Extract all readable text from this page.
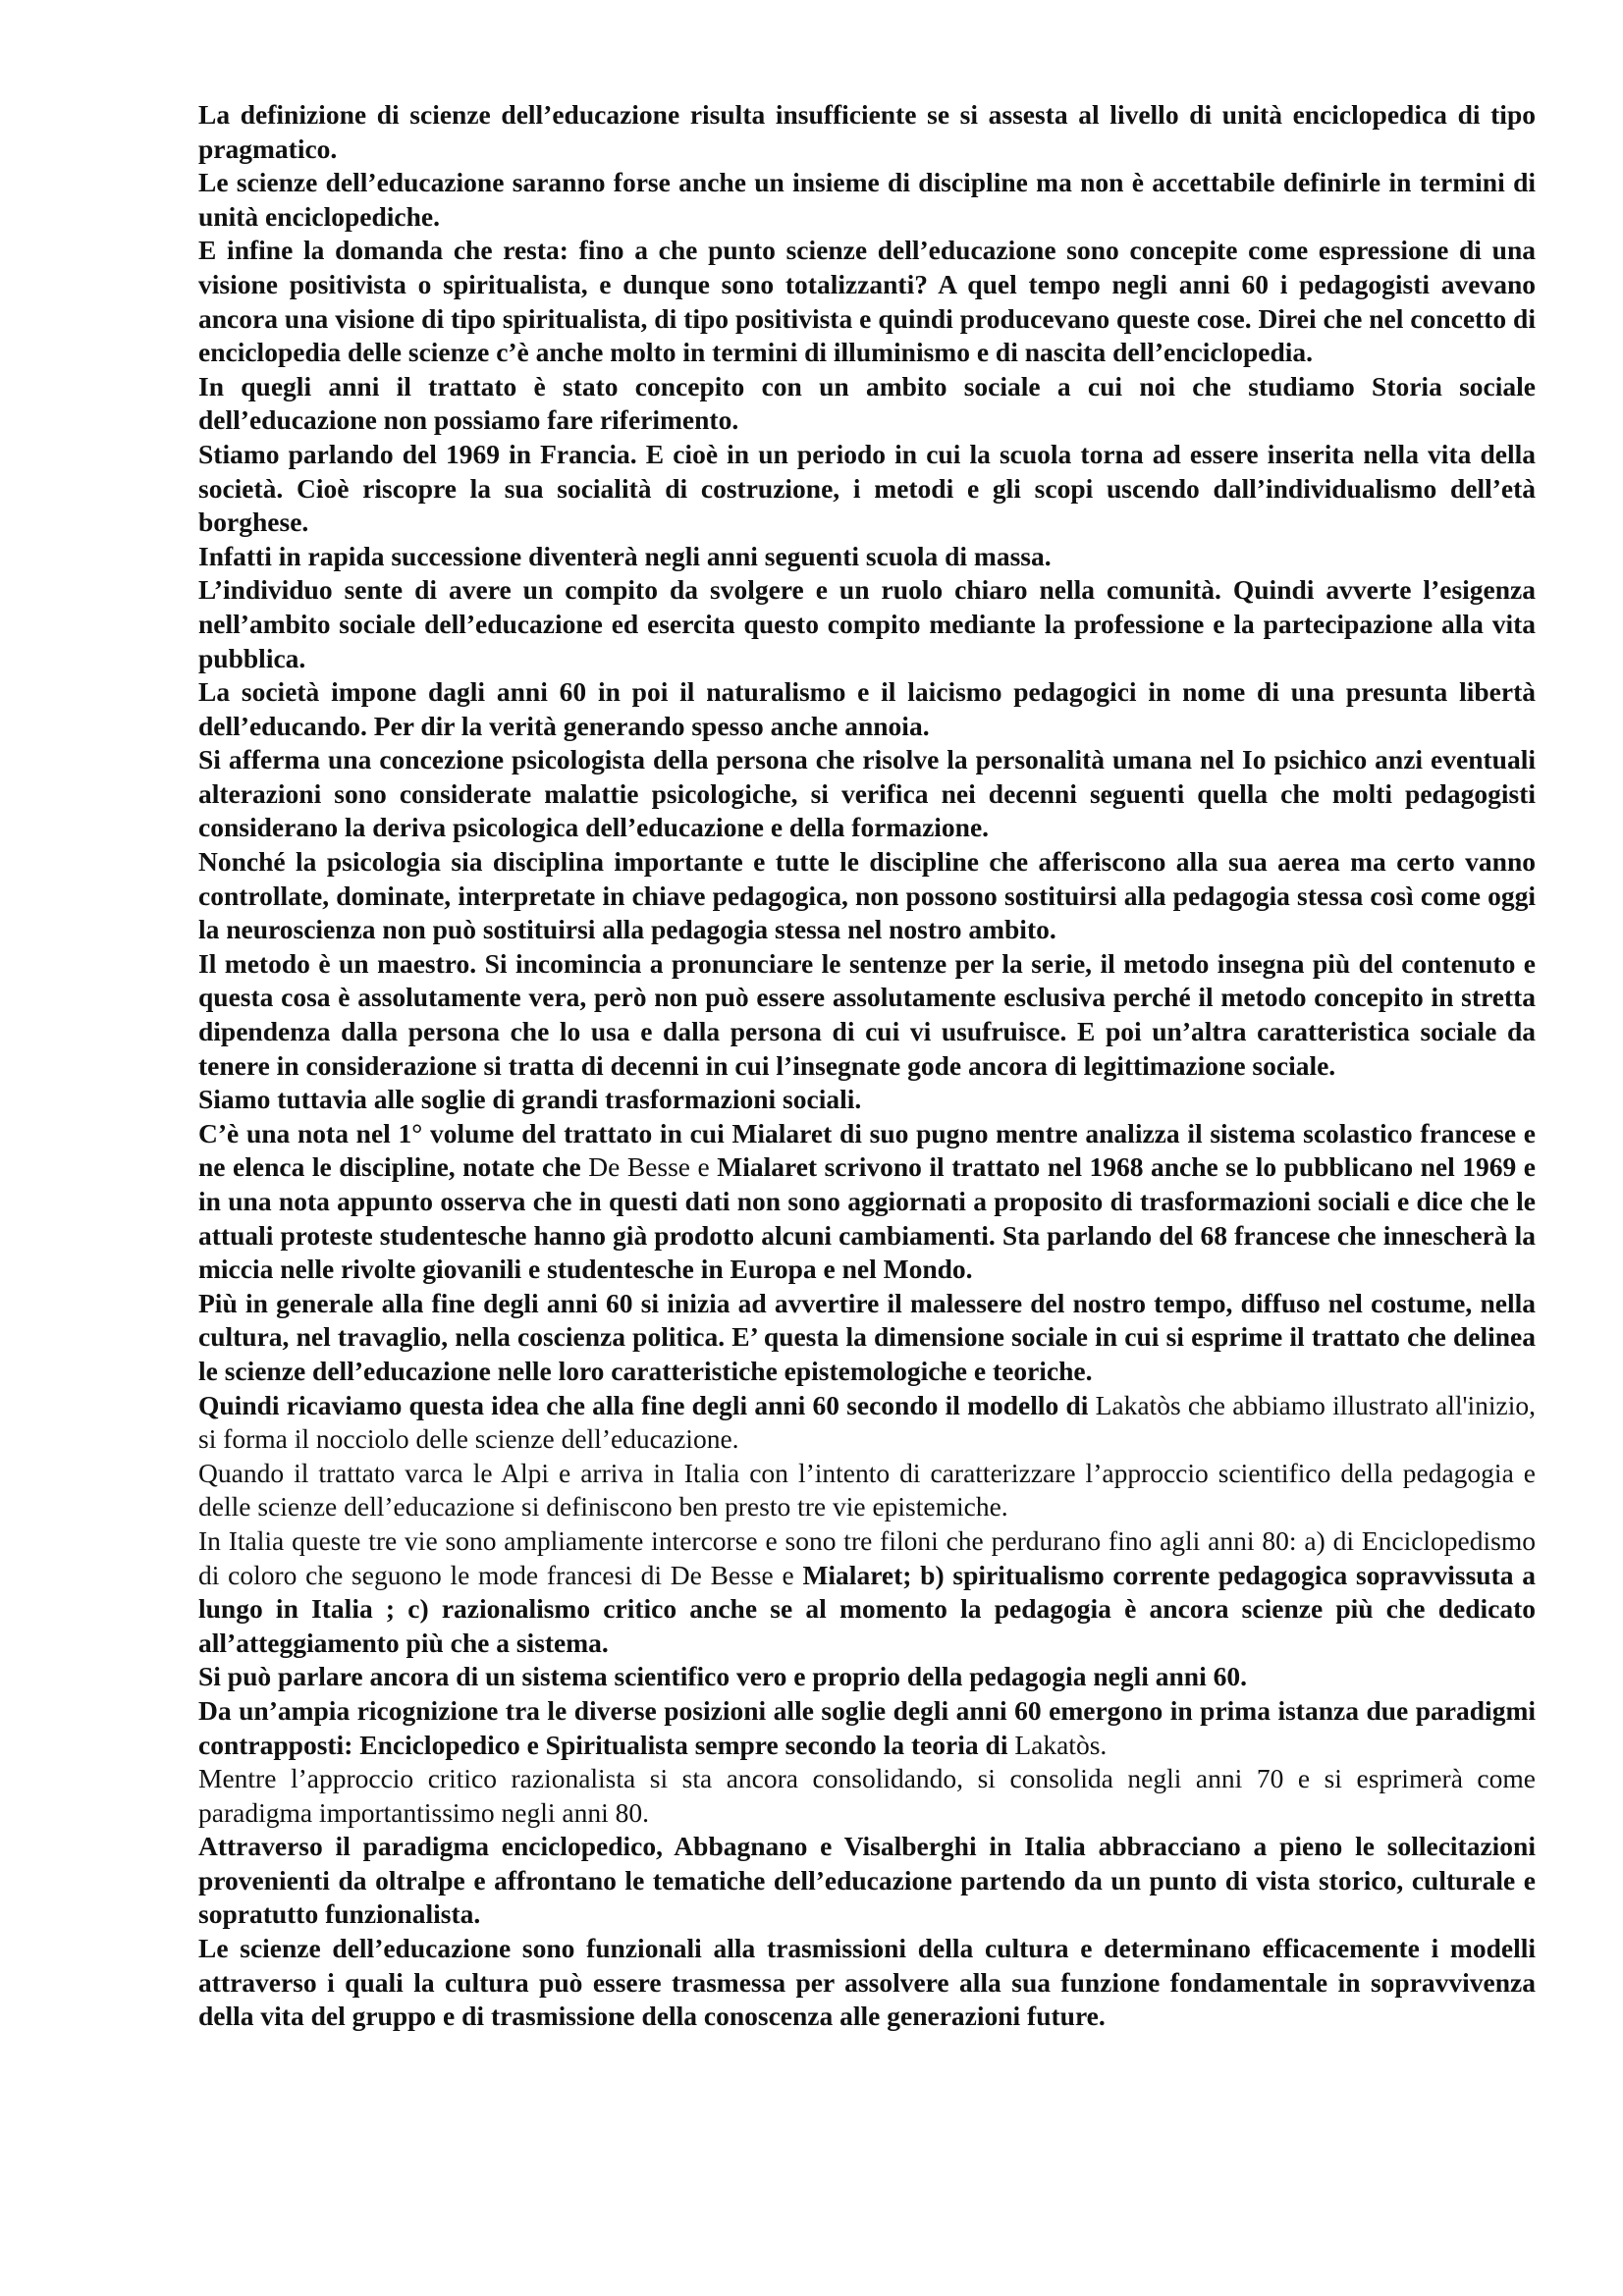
La definizione di scienze dell’educazione risulta insufficiente se si assesta al livello di unità enciclopedica di tipo pragmatico.

Le scienze dell’educazione saranno forse anche un insieme di discipline ma non è accettabile definirle in termini di unità enciclopediche.

E infine la domanda che resta: fino a che punto scienze dell’educazione sono concepite come espressione di una visione positivista o spiritualista, e dunque sono totalizzanti? A quel tempo negli anni 60 i pedagogisti avevano ancora una visione di tipo spiritualista, di tipo positivista e quindi producevano queste cose. Direi che nel concetto di enciclopedia delle scienze c’è anche molto in termini di illuminismo e di nascita dell’enciclopedia.

In quegli anni il trattato è stato concepito con un ambito sociale a cui noi che studiamo Storia sociale dell’educazione non possiamo fare riferimento.

Stiamo parlando del 1969 in Francia. E cioè in un periodo in cui la scuola torna ad essere inserita nella vita della società. Cioè riscopre la sua socialità di costruzione, i metodi e gli scopi uscendo dall’individualismo dell’età borghese.

Infatti in rapida successione diventerà negli anni seguenti scuola di massa.

L’individuo sente di avere un compito da svolgere e un ruolo chiaro nella comunità. Quindi avverte l’esigenza nell’ambito sociale dell’educazione ed esercita questo compito mediante la professione e la partecipazione alla vita pubblica.

La società impone dagli anni 60 in poi il naturalismo e il laicismo pedagogici in nome di una presunta libertà dell’educando. Per dir la verità generando spesso anche annoia.

Si afferma una concezione psicologista della persona che risolve la personalità umana nel Io psichico anzi eventuali alterazioni sono considerate malattie psicologiche, si verifica nei decenni seguenti quella che molti pedagogisti considerano la deriva psicologica dell’educazione e della formazione.

Nonché la psicologia sia disciplina importante e tutte le discipline che afferiscono alla sua aerea ma certo vanno controllate, dominate, interpretate in chiave pedagogica, non possono sostituirsi alla pedagogia stessa così come oggi la neuroscienza non può sostituirsi alla pedagogia stessa nel nostro ambito.

Il metodo è un maestro. Si incomincia a pronunciare le sentenze per la serie, il metodo insegna più del contenuto e questa cosa è assolutamente vera, però non può essere assolutamente esclusiva perché il metodo concepito in stretta dipendenza dalla persona che lo usa e dalla persona di cui vi usufruisce. E poi un’altra caratteristica sociale da tenere in considerazione si tratta di decenni in cui l’insegnate gode ancora di legittimazione sociale.

Siamo tuttavia alle soglie di grandi trasformazioni sociali.

C’è una nota nel 1° volume del trattato in cui Mialaret di suo pugno mentre analizza il sistema scolastico francese e ne elenca le discipline, notate che De Besse e Mialaret scrivono il trattato nel 1968 anche se lo pubblicano nel 1969 e in una nota appunto osserva che in questi dati non sono aggiornati a proposito di trasformazioni sociali e dice che le attuali proteste studentesche hanno già prodotto alcuni cambiamenti. Sta parlando del 68 francese che innescherà la miccia nelle rivolte giovanili e studentesche in Europa e nel Mondo.

Più in generale alla fine degli anni 60 si inizia ad avvertire il malessere del nostro tempo, diffuso nel costume, nella cultura, nel travaglio, nella coscienza politica. E’ questa la dimensione sociale in cui si esprime il trattato che delinea le scienze dell’educazione nelle loro caratteristiche epistemologiche e teoriche.

Quindi ricaviamo questa idea che alla fine degli anni 60 secondo il modello di Lakatòs che abbiamo illustrato all'inizio, si forma il nocciolo delle scienze dell’educazione.

Quando il trattato varca le Alpi e arriva in Italia con l’intento di caratterizzare l’approccio scientifico della pedagogia e delle scienze dell’educazione si definiscono ben presto tre vie epistemiche.

In Italia queste tre vie sono ampliamente intercorse e sono tre filoni che perdurano fino agli anni 80: a) di Enciclopedismo di coloro che seguono le mode francesi di De Besse e Mialaret; b) spiritualismo corrente pedagogica sopravvissuta a lungo in Italia ; c) razionalismo critico anche se al momento la pedagogia è ancora scienze più che dedicato all’atteggiamento più che a sistema.

Si può parlare ancora di un sistema scientifico vero e proprio della pedagogia negli anni 60.

Da un’ampia ricognizione tra le diverse posizioni alle soglie degli anni 60 emergono in prima istanza due paradigmi contrapposti: Enciclopedico e Spiritualista sempre secondo la teoria di Lakatòs.

Mentre l’approccio critico razionalista si sta ancora consolidando, si consolida negli anni 70 e si esprimerà come paradigma importantissimo negli anni 80.

Attraverso il paradigma enciclopedico, Abbagnano e Visalberghi in Italia abbracciano a pieno le sollecitazioni provenienti da oltralpe e affrontano le tematiche dell’educazione partendo da un punto di vista storico, culturale e sopratutto funzionalista.

Le scienze dell’educazione sono funzionali alla trasmissioni della cultura e determinano efficacemente i modelli attraverso i quali la cultura può essere trasmessa per assolvere alla sua funzione fondamentale in sopravvivenza della vita del gruppo e di trasmissione della conoscenza alle generazioni future.
